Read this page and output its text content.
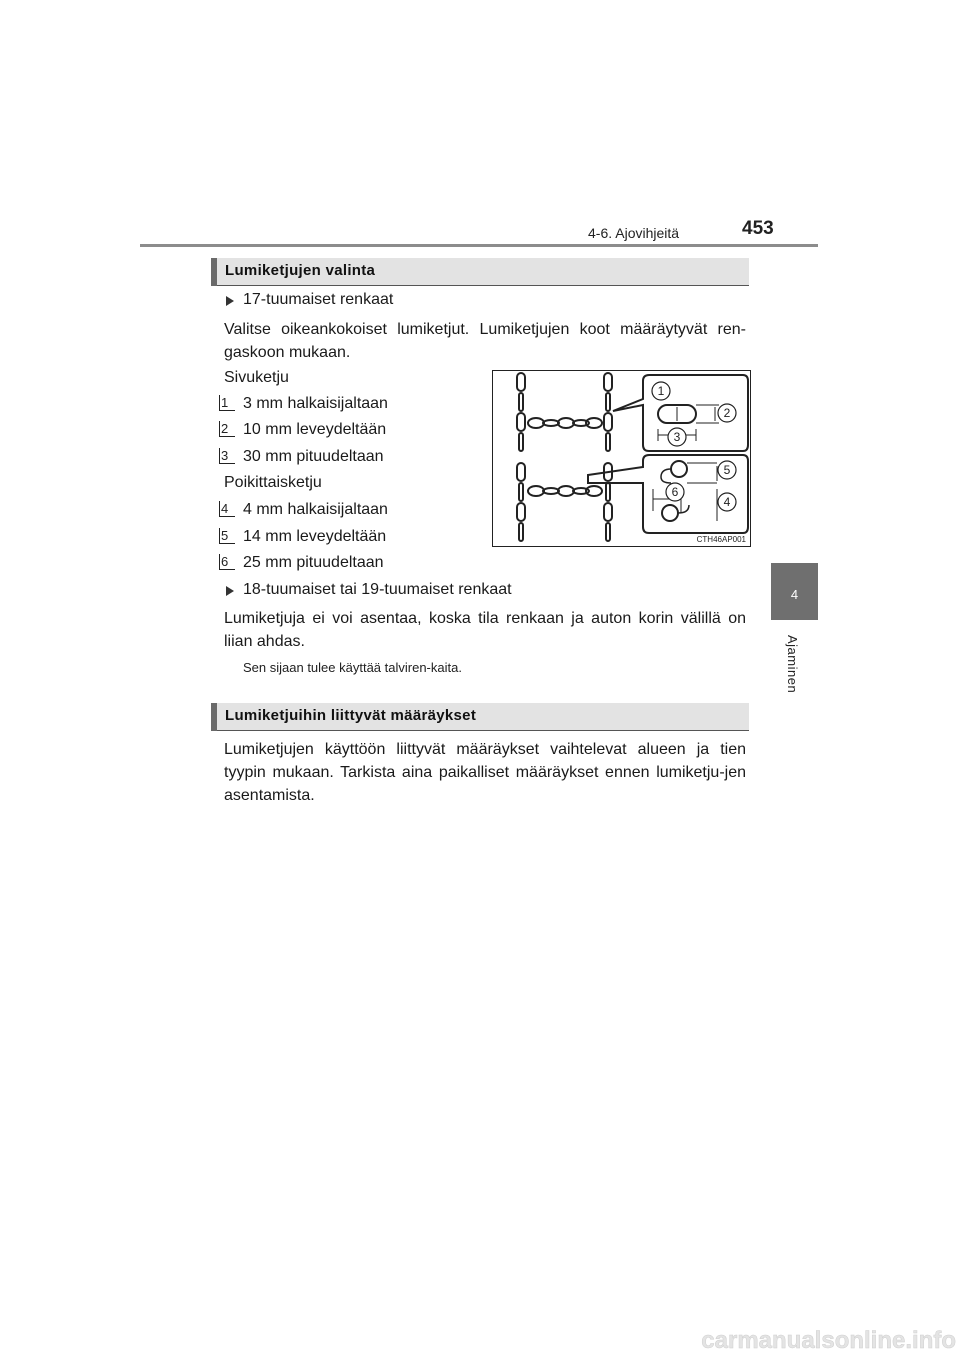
4-6. Ajovihjeitä	453
4
Ajaminen
Lumiketjujen valinta
17-tuumaiset renkaat
Valitse oikeankokoiset lumiketjut. Lumiketjujen koot määräytyvät ren-gaskoon mukaan.
Sivuketju
1 3 mm halkaisijaltaan
2 10 mm leveydeltään
3 30 mm pituudeltaan
Poikittaisketju
4 4 mm halkaisijaltaan
5 14 mm leveydeltään
6 25 mm pituudeltaan
18-tuumaiset tai 19-tuumaiset renkaat
Lumiketjuja ei voi asentaa, koska tila renkaan ja auton korin välillä on liian ahdas.
Sen sijaan tulee käyttää talviren-kaita.
1
2
3
4
5
6
CTH46AP001
Lumiketjuihin liittyvät määräykset
Lumiketjujen käyttöön liittyvät määräykset vaihtelevat alueen ja tien tyypin mukaan. Tarkista aina paikalliset määräykset ennen lumiketju-jen asentamista.
carmanualsonline.info
